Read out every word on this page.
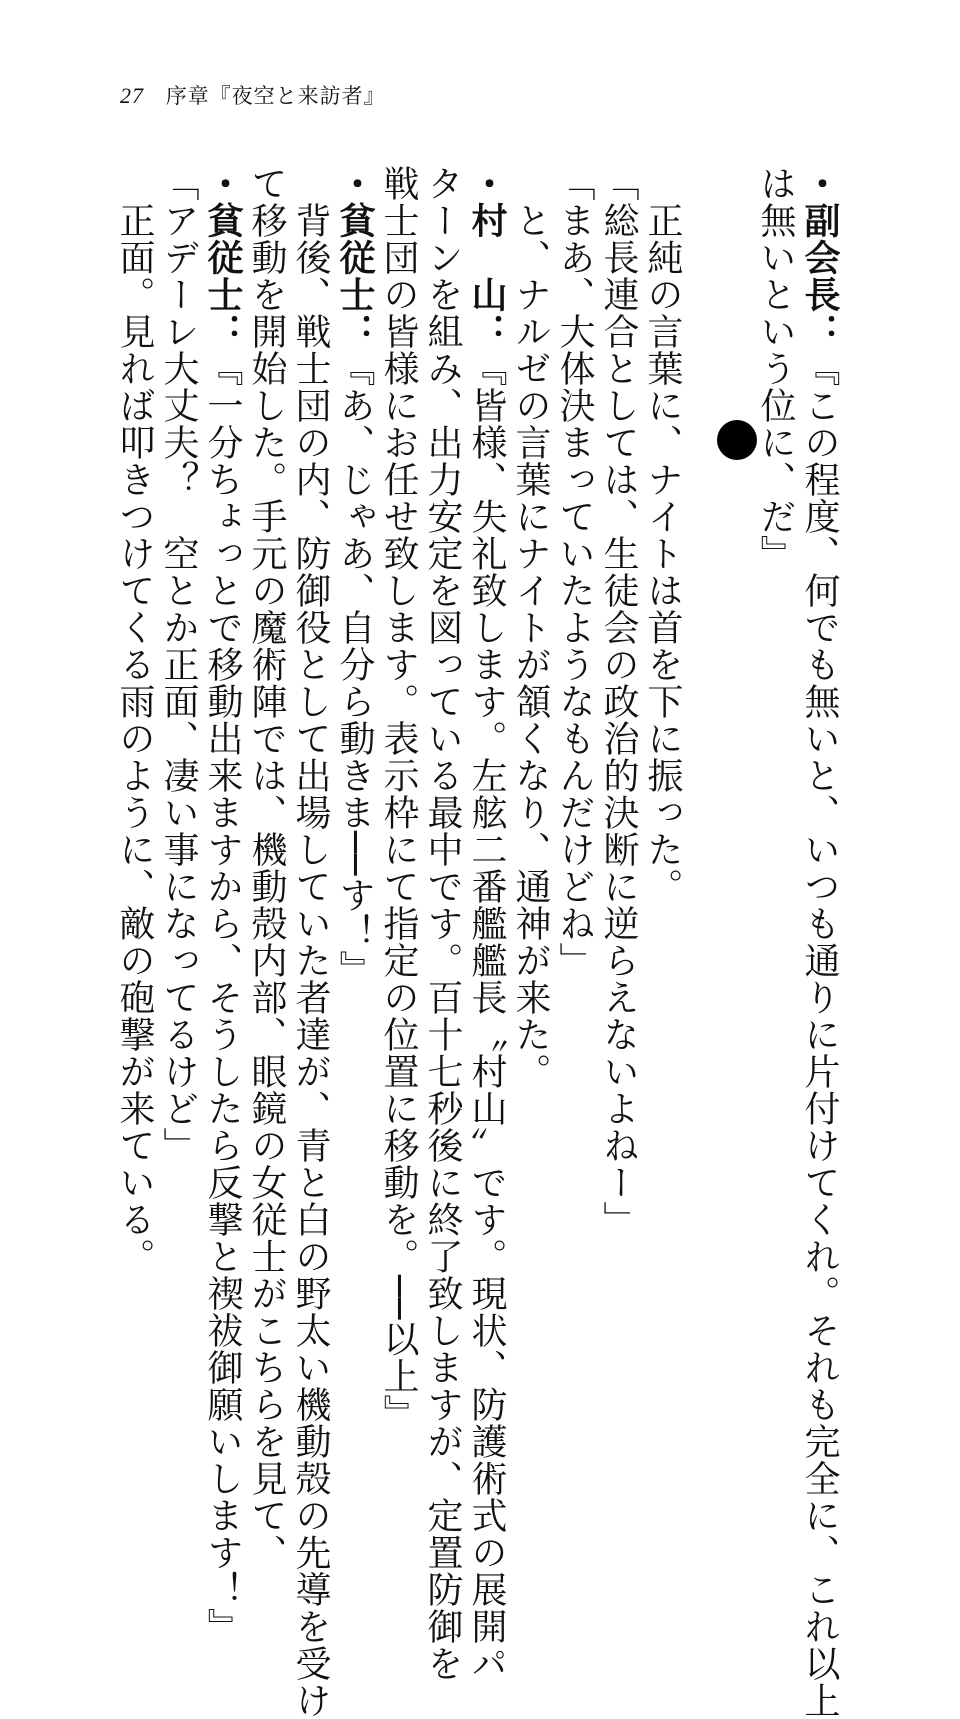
27 序章『夜空と来訪者』
・副会長：『この程度、何でも無いと、いつも通りに片付けてくれ。それも完全に、これ以上
は無いという位に、だ』
　正純の言葉に、ナイトは首を下に振った。
「総長連合としては、生徒会の政治的決断に逆らえないよねー」
「まあ、大体決まっていたようなもんだけどね」
　と、ナルゼの言葉にナイトが頷くなり、通神が来た。
・村　山：『皆様、失礼致します。左舷二番艦艦長〝村山〟です。現状、防護術式の展開パ
ターンを組み、出力安定を図っている最中です。百十七秒後に終了致しますが、定置防御を
戦士団の皆様にお任せ致します。表示枠にて指定の位置に移動を。──以上』
・貧従士：『あ、じゃあ、自分ら動きま──す！』
　背後、戦士団の内、防御役として出場していた者達が、青と白の野太い機動殻の先導を受け
て移動を開始した。手元の魔術陣では、機動殻内部、眼鏡の女従士がこちらを見て、
・貧従士：『一分ちょっとで移動出来ますから、そうしたら反撃と禊祓御願いします！』
「アデーレ大丈夫？　空とか正面、凄い事になってるけど」
　正面。見れば叩きつけてくる雨のように、敵の砲撃が来ている。
